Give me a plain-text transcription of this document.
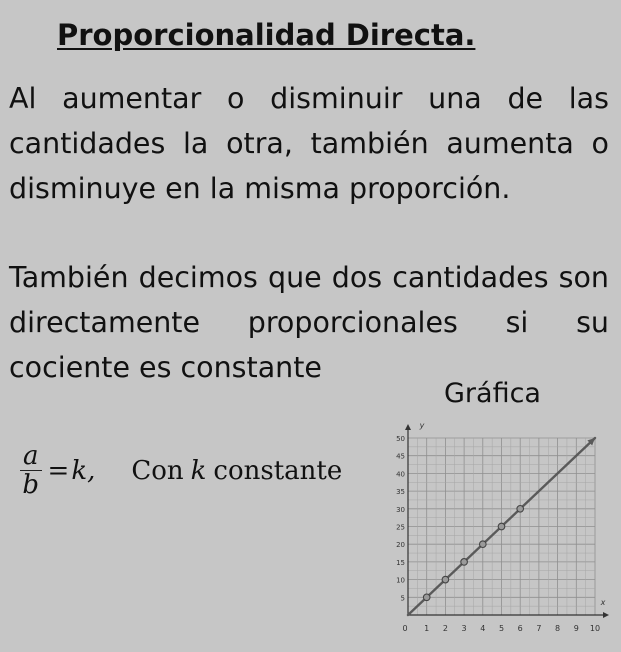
Proporcionalidad Directa.

Al aumentar o disminuir una de las cantidades la otra, también aumenta o disminuye en la misma proporción.

También decimos que dos cantidades son directamente proporcionales si su cociente es constante

Gráfica
$\frac{a}{b} = k$, Con k constante
1 2 3 4 5 6 7 8 9 10
5
10
15
20
25
30
35
40
45
50
0
x
y
